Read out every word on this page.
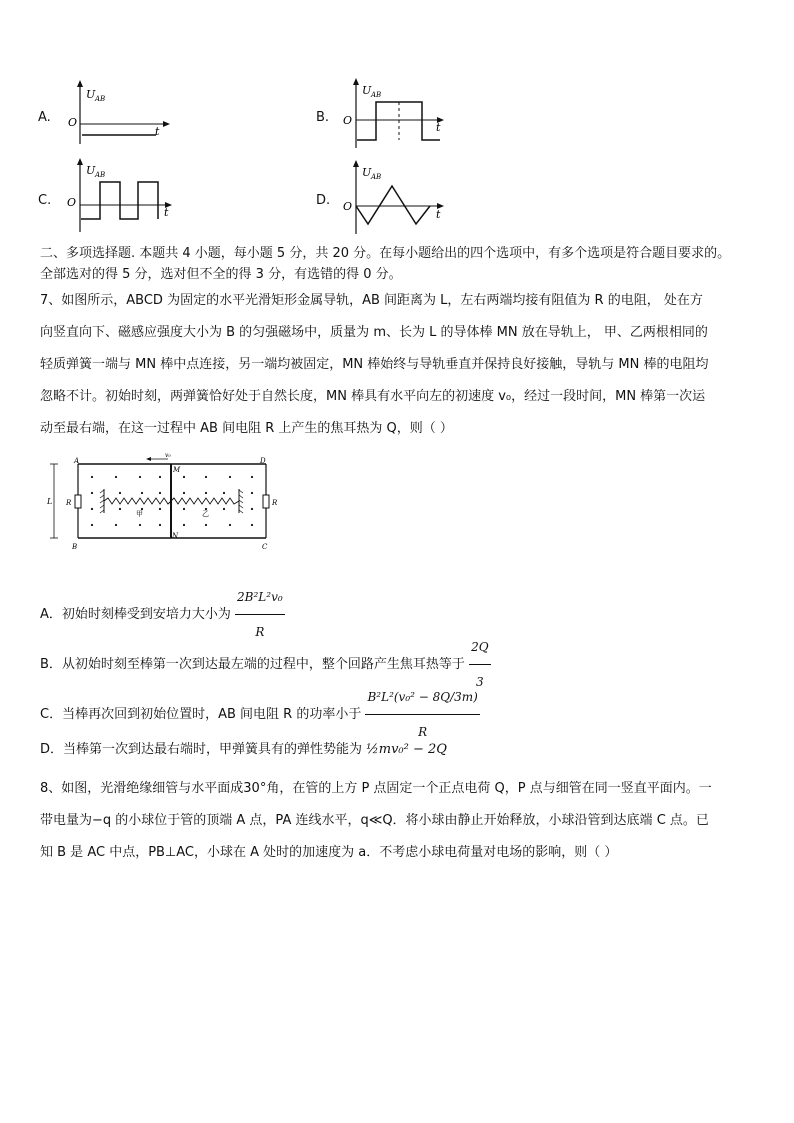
A.
U AB
O
t
B.
U AB
O
t
C.
U AB
O
t
D.
U AB
O
t
二、多项选择题. 本题共 4 小题，每小题 5 分，共 20 分。在每小题给出的四个选项中，有多个选项是符合题目要求的。
全部选对的得 5 分，选对但不全的得 3 分，有选错的得 0 分。
7、如图所示，ABCD 为固定的水平光滑矩形金属导轨，AB 间距离为 L，左右两端均接有阻值为 R 的电阻， 处在方
向竖直向下、磁感应强度大小为 B 的匀强磁场中，质量为 m、长为 L 的导体棒 MN 放在导轨上， 甲、乙两根相同的
轻质弹簧一端与 MN 棒中点连接，另一端均被固定，MN 棒始终与导轨垂直并保持良好接触，导轨与 MN 棒的电阻均
忽略不计。初始时刻，两弹簧恰好处于自然长度，MN 棒具有水平向左的初速度 v₀，经过一段时间，MN 棒第一次运
动至最右端，在这一过程中 AB 间电阻 R 上产生的焦耳热为 Q，则（ ）
A	D
B	C
M
N
L R	R
v₀
甲	乙
A．初始时刻棒受到安培力大小为 $\frac{\text{2B²L²v₀}}{R}$
B．从初始时刻至棒第一次到达最左端的过程中，整个回路产生焦耳热等于 $\frac{2Q}{3}$
C．当棒再次回到初始位置时，AB 间电阻 R 的功率小于 $\frac{\text{B²L²(v₀² − 8Q/3m)}}{R}$
D．当棒第一次到达最右端时，甲弹簧具有的弹性势能为 ½mv₀² − 2Q
8、如图，光滑绝缘细管与水平面成30°角，在管的上方 P 点固定一个正点电荷 Q，P 点与细管在同一竖直平面内。一
带电量为−q 的小球位于管的顶端 A 点，PA 连线水平，q≪Q．将小球由静止开始释放，小球沿管到达底端 C 点。已
知 B 是 AC 中点，PB⊥AC，小球在 A 处时的加速度为 a．不考虑小球电荷量对电场的影响，则（ ）
